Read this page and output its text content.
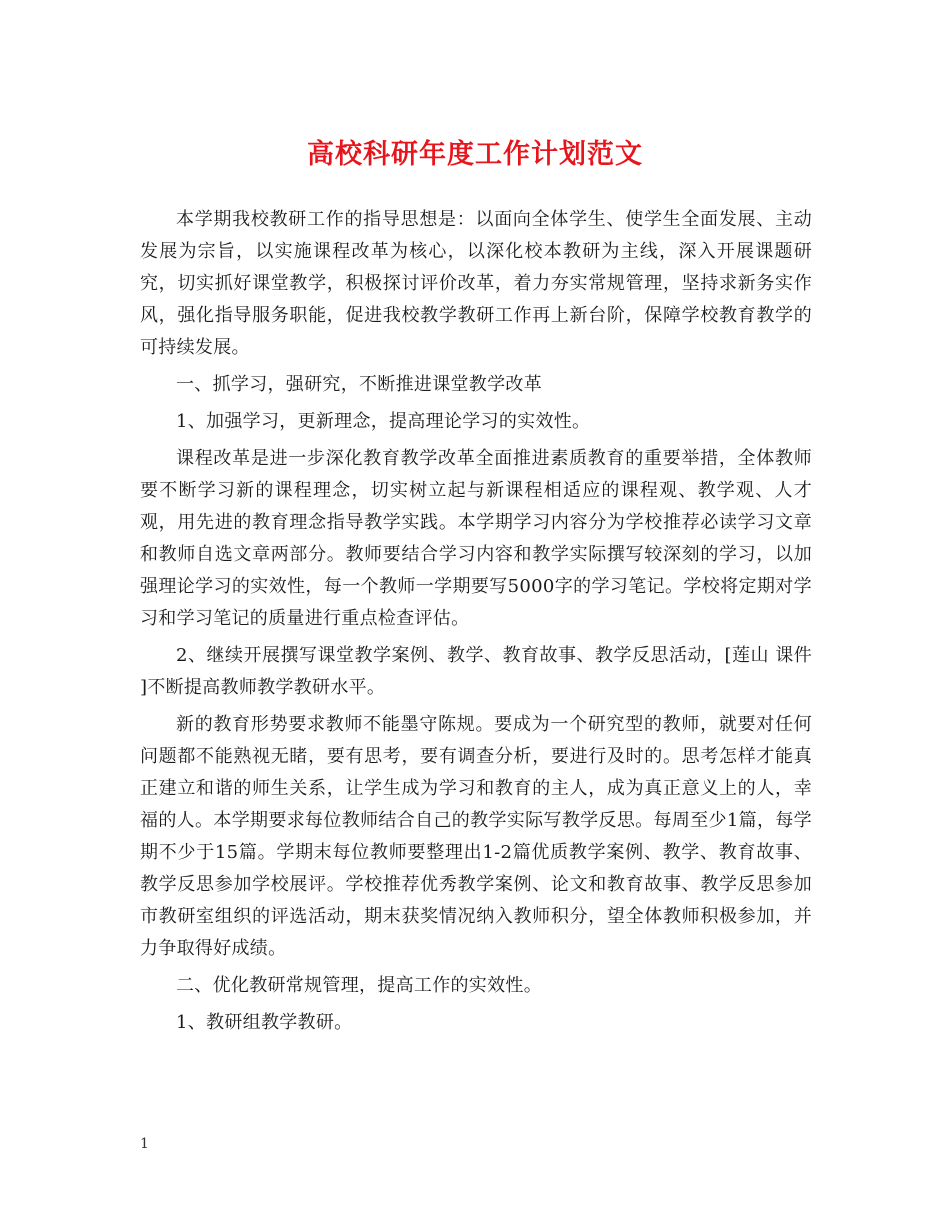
高校科研年度工作计划范文

本学期我校教研工作的指导思想是：以面向全体学生、使学生全面发展、主动发展为宗旨，以实施课程改革为核心，以深化校本教研为主线，深入开展课题研究，切实抓好课堂教学，积极探讨评价改革，着力夯实常规管理，坚持求新务实作风，强化指导服务职能，促进我校教学教研工作再上新台阶，保障学校教育教学的可持续发展。

一、抓学习，强研究，不断推进课堂教学改革

1、加强学习，更新理念，提高理论学习的实效性。

课程改革是进一步深化教育教学改革全面推进素质教育的重要举措，全体教师要不断学习新的课程理念，切实树立起与新课程相适应的课程观、教学观、人才观，用先进的教育理念指导教学实践。本学期学习内容分为学校推荐必读学习文章和教师自选文章两部分。教师要结合学习内容和教学实际撰写较深刻的学习，以加强理论学习的实效性，每一个教师一学期要写5000字的学习笔记。学校将定期对学习和学习笔记的质量进行重点检查评估。

2、继续开展撰写课堂教学案例、教学、教育故事、教学反思活动，[莲山 课件 ]不断提高教师教学教研水平。

新的教育形势要求教师不能墨守陈规。要成为一个研究型的教师，就要对任何问题都不能熟视无睹，要有思考，要有调查分析，要进行及时的。思考怎样才能真正建立和谐的师生关系，让学生成为学习和教育的主人，成为真正意义上的人，幸福的人。本学期要求每位教师结合自己的教学实际写教学反思。每周至少1篇，每学期不少于15篇。学期末每位教师要整理出1-2篇优质教学案例、教学、教育故事、教学反思参加学校展评。学校推荐优秀教学案例、论文和教育故事、教学反思参加市教研室组织的评选活动，期末获奖情况纳入教师积分，望全体教师积极参加，并力争取得好成绩。

二、优化教研常规管理，提高工作的实效性。

1、教研组教学教研。

1
